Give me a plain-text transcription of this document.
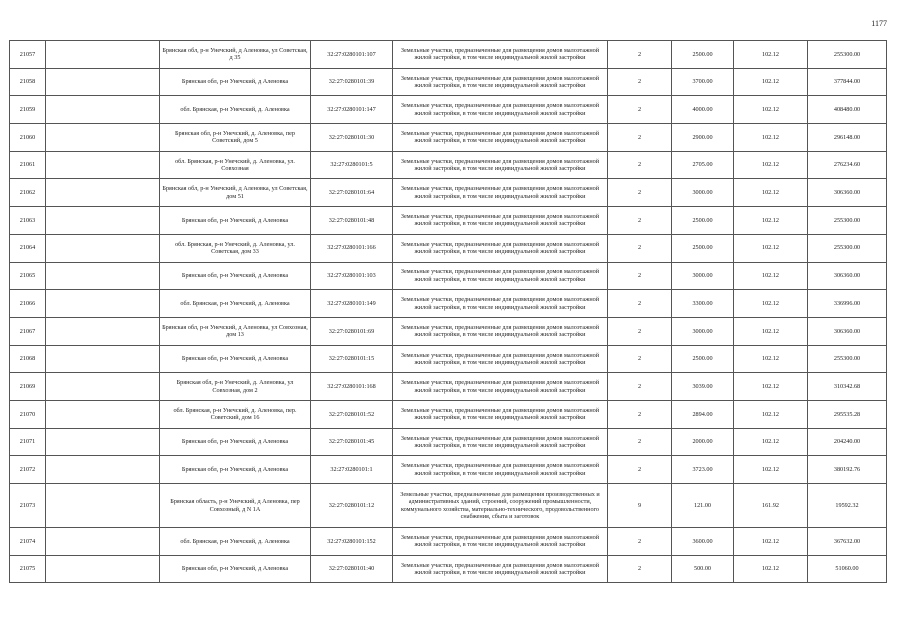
1177
21057		Брянская обл, р-н Унечский, д Аленовка, ул Советская, д 35	32:27:0280101:107	Земельные участки, предназначенные для размещения домов малоэтажной жилой застройки, в том числе индивидуальной жилой застройки	2	2500.00	102.12	255300.00
21058		Брянская обл, р-н Унечский, д Аленовка	32:27:0280101:39	Земельные участки, предназначенные для размещения домов малоэтажной жилой застройки, в том числе индивидуальной жилой застройки	2	3700.00	102.12	377844.00
21059		обл. Брянская, р-н Унечский, д. Аленовка	32:27:0280101:147	Земельные участки, предназначенные для размещения домов малоэтажной жилой застройки, в том числе индивидуальной жилой застройки	2	4000.00	102.12	408480.00
21060		Брянская обл, р-н Унечский, д. Аленовка, пер Советский, дом 5	32:27:0280101:30	Земельные участки, предназначенные для размещения домов малоэтажной жилой застройки, в том числе индивидуальной жилой застройки	2	2900.00	102.12	296148.00
21061		обл. Брянская, р-н Унечский, д. Аленовка, ул. Совхозная	32:27:0280101:5	Земельные участки, предназначенные для размещения домов малоэтажной жилой застройки, в том числе индивидуальной жилой застройки	2	2705.00	102.12	276234.60
21062		Брянская обл, р-н Унечский, д Аленовка, ул Советская, дом 51	32:27:0280101:64	Земельные участки, предназначенные для размещения домов малоэтажной жилой застройки, в том числе индивидуальной жилой застройки	2	3000.00	102.12	306360.00
21063		Брянская обл, р-н Унечский, д Аленовка	32:27:0280101:48	Земельные участки, предназначенные для размещения домов малоэтажной жилой застройки, в том числе индивидуальной жилой застройки	2	2500.00	102.12	255300.00
21064		обл. Брянская, р-н Унечский, д. Аленовка, ул. Советская, дом 33	32:27:0280101:166	Земельные участки, предназначенные для размещения домов малоэтажной жилой застройки, в том числе индивидуальной жилой застройки	2	2500.00	102.12	255300.00
21065		Брянская обл, р-н Унечский, д Аленовка	32:27:0280101:103	Земельные участки, предназначенные для размещения домов малоэтажной жилой застройки, в том числе индивидуальной жилой застройки	2	3000.00	102.12	306360.00
21066		обл. Брянская, р-н Унечский, д. Аленовка	32:27:0280101:149	Земельные участки, предназначенные для размещения домов малоэтажной жилой застройки, в том числе индивидуальной жилой застройки	2	3300.00	102.12	336996.00
21067		Брянская обл, р-н Унечский, д Аленовка, ул Совхозная, дом 13	32:27:0280101:69	Земельные участки, предназначенные для размещения домов малоэтажной жилой застройки, в том числе индивидуальной жилой застройки	2	3000.00	102.12	306360.00
21068		Брянская обл, р-н Унечский, д Аленовка	32:27:0280101:15	Земельные участки, предназначенные для размещения домов малоэтажной жилой застройки, в том числе индивидуальной жилой застройки	2	2500.00	102.12	255300.00
21069		Брянская обл, р-н Унечский, д. Аленовка, ул Совхозная, дом 2	32:27:0280101:168	Земельные участки, предназначенные для размещения домов малоэтажной жилой застройки, в том числе индивидуальной жилой застройки	2	3039.00	102.12	310342.68
21070		обл. Брянская, р-н Унечский, д. Аленовка, пер. Советский, дом 16	32:27:0280101:52	Земельные участки, предназначенные для размещения домов малоэтажной жилой застройки, в том числе индивидуальной жилой застройки	2	2894.00	102.12	295535.28
21071		Брянская обл, р-н Унечский, д Аленовка	32:27:0280101:45	Земельные участки, предназначенные для размещения домов малоэтажной жилой застройки, в том числе индивидуальной жилой застройки	2	2000.00	102.12	204240.00
21072		Брянская обл, р-н Унечский, д Аленовка	32:27:0280101:1	Земельные участки, предназначенные для размещения домов малоэтажной жилой застройки, в том числе индивидуальной жилой застройки	2	3723.00	102.12	380192.76
21073		Брянская область, р-н Унечский, д Аленовка, пер Совхозный, д N 1А	32:27:0280101:12	Земельные участки, предназначенные для размещения производственных и административных зданий, строений, сооружений промышленности, коммунального хозяйства, материально-технического, продовольственного снабжения, сбыта и заготовок	9	121.00	161.92	19592.32
21074		обл. Брянская, р-н Унечский, д. Аленовка	32:27:0280101:152	Земельные участки, предназначенные для размещения домов малоэтажной жилой застройки, в том числе индивидуальной жилой застройки	2	3600.00	102.12	367632.00
21075		Брянская обл, р-н Унечский, д Аленовка	32:27:0280101:40	Земельные участки, предназначенные для размещения домов малоэтажной жилой застройки, в том числе индивидуальной жилой застройки	2	500.00	102.12	51060.00
